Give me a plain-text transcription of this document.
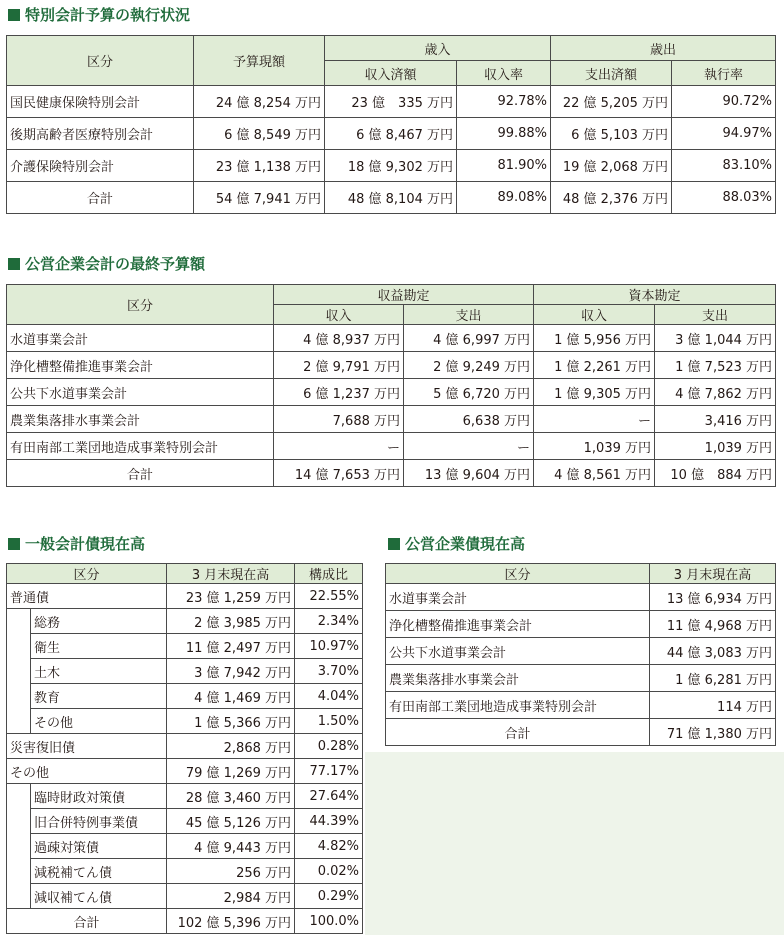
特別会計予算の執行状況
区分	予算現額	歳入		歳出	
		収入済額	収入率	支出済額	執行率
国民健康保険特別会計	24 億 8,254 万円	23 億　335 万円	92.78%	22 億 5,205 万円	90.72%
後期高齢者医療特別会計	6 億 8,549 万円	6 億 8,467 万円	99.88%	6 億 5,103 万円	94.97%
介護保険特別会計	23 億 1,138 万円	18 億 9,302 万円	81.90%	19 億 2,068 万円	83.10%
合計	54 億 7,941 万円	48 億 8,104 万円	89.08%	48 億 2,376 万円	88.03%
公営企業会計の最終予算額
区分	収益勘定		資本勘定	
	収入	支出	収入	支出
水道事業会計	4 億 8,937 万円	4 億 6,997 万円	1 億 5,956 万円	3 億 1,044 万円
浄化槽整備推進事業会計	2 億 9,791 万円	2 億 9,249 万円	1 億 2,261 万円	1 億 7,523 万円
公共下水道事業会計	6 億 1,237 万円	5 億 6,720 万円	1 億 9,305 万円	4 億 7,862 万円
農業集落排水事業会計	7,688 万円	6,638 万円	ー	3,416 万円
有田南部工業団地造成事業特別会計	ー	ー	1,039 万円	1,039 万円
合計	14 億 7,653 万円	13 億 9,604 万円	4 億 8,561 万円	10 億　884 万円
一般会計債現在高
区分		3 月末現在高	構成比
普通債		23 億 1,259 万円	22.55%
	総務	2 億 3,985 万円	2.34%
	衛生	11 億 2,497 万円	10.97%
	土木	3 億 7,942 万円	3.70%
	教育	4 億 1,469 万円	4.04%
	その他	1 億 5,366 万円	1.50%
災害復旧債		2,868 万円	0.28%
その他		79 億 1,269 万円	77.17%
	臨時財政対策債	28 億 3,460 万円	27.64%
	旧合併特例事業債	45 億 5,126 万円	44.39%
	過疎対策債	4 億 9,443 万円	4.82%
	減税補てん債	256 万円	0.02%
	減収補てん債	2,984 万円	0.29%
合計		102 億 5,396 万円	100.0%
公営企業債現在高
区分	3 月末現在高
水道事業会計	13 億 6,934 万円
浄化槽整備推進事業会計	11 億 4,968 万円
公共下水道事業会計	44 億 3,083 万円
農業集落排水事業会計	1 億 6,281 万円
有田南部工業団地造成事業特別会計	114 万円
合計	71 億 1,380 万円
